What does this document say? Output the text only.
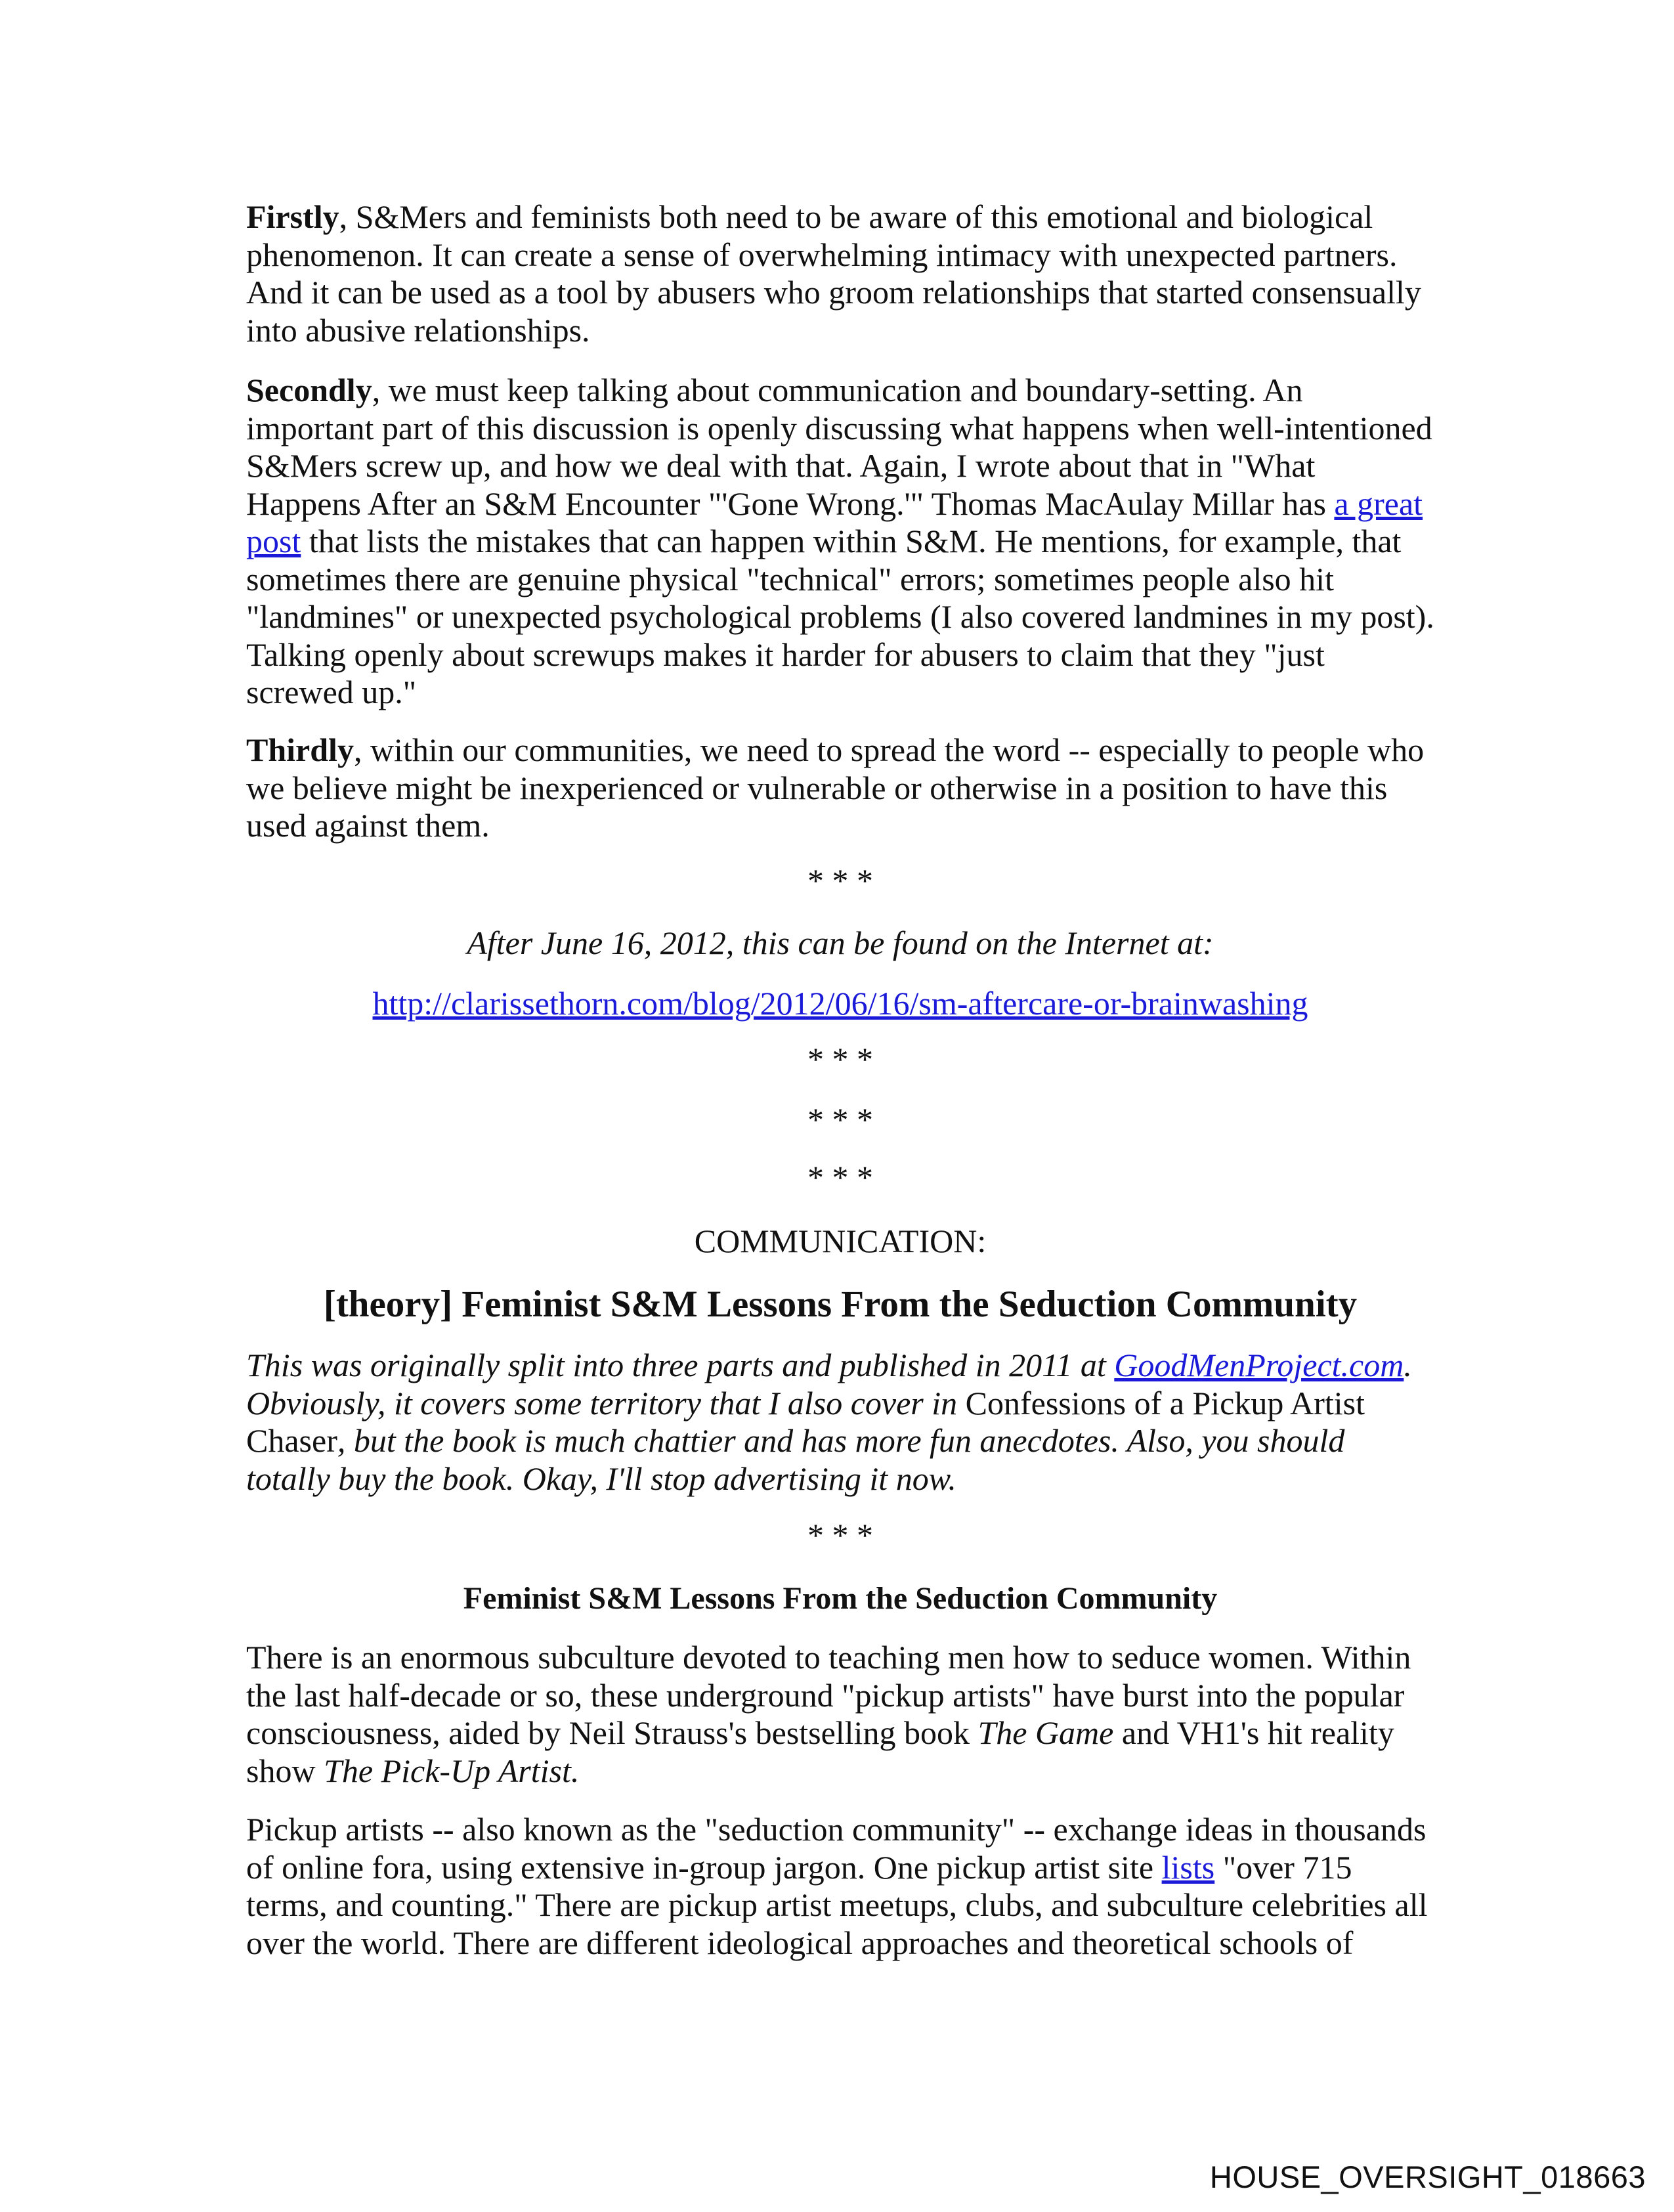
Firstly, S&Mers and feminists both need to be aware of this emotional and biological phenomenon. It can create a sense of overwhelming intimacy with unexpected partners. And it can be used as a tool by abusers who groom relationships that started consensually into abusive relationships.
Secondly, we must keep talking about communication and boundary-setting. An important part of this discussion is openly discussing what happens when well-intentioned S&Mers screw up, and how we deal with that. Again, I wrote about that in "What Happens After an S&M Encounter "'Gone Wrong.'" Thomas MacAulay Millar has a great post that lists the mistakes that can happen within S&M. He mentions, for example, that sometimes there are genuine physical "technical" errors; sometimes people also hit "landmines" or unexpected psychological problems (I also covered landmines in my post). Talking openly about screwups makes it harder for abusers to claim that they "just screwed up."
Thirdly, within our communities, we need to spread the word -- especially to people who we believe might be inexperienced or vulnerable or otherwise in a position to have this used against them.
* * *
After June 16, 2012, this can be found on the Internet at:
http://clarissethorn.com/blog/2012/06/16/sm-aftercare-or-brainwashing
* * *
* * *
* * *
COMMUNICATION:
[theory] Feminist S&M Lessons From the Seduction Community
This was originally split into three parts and published in 2011 at GoodMenProject.com. Obviously, it covers some territory that I also cover in Confessions of a Pickup Artist Chaser, but the book is much chattier and has more fun anecdotes. Also, you should totally buy the book. Okay, I'll stop advertising it now.
* * *
Feminist S&M Lessons From the Seduction Community
There is an enormous subculture devoted to teaching men how to seduce women. Within the last half-decade or so, these underground "pickup artists" have burst into the popular consciousness, aided by Neil Strauss's bestselling book The Game and VH1's hit reality show The Pick-Up Artist.
Pickup artists -- also known as the "seduction community" -- exchange ideas in thousands of online fora, using extensive in-group jargon. One pickup artist site lists "over 715 terms, and counting." There are pickup artist meetups, clubs, and subculture celebrities all over the world. There are different ideological approaches and theoretical schools of
HOUSE_OVERSIGHT_018663
